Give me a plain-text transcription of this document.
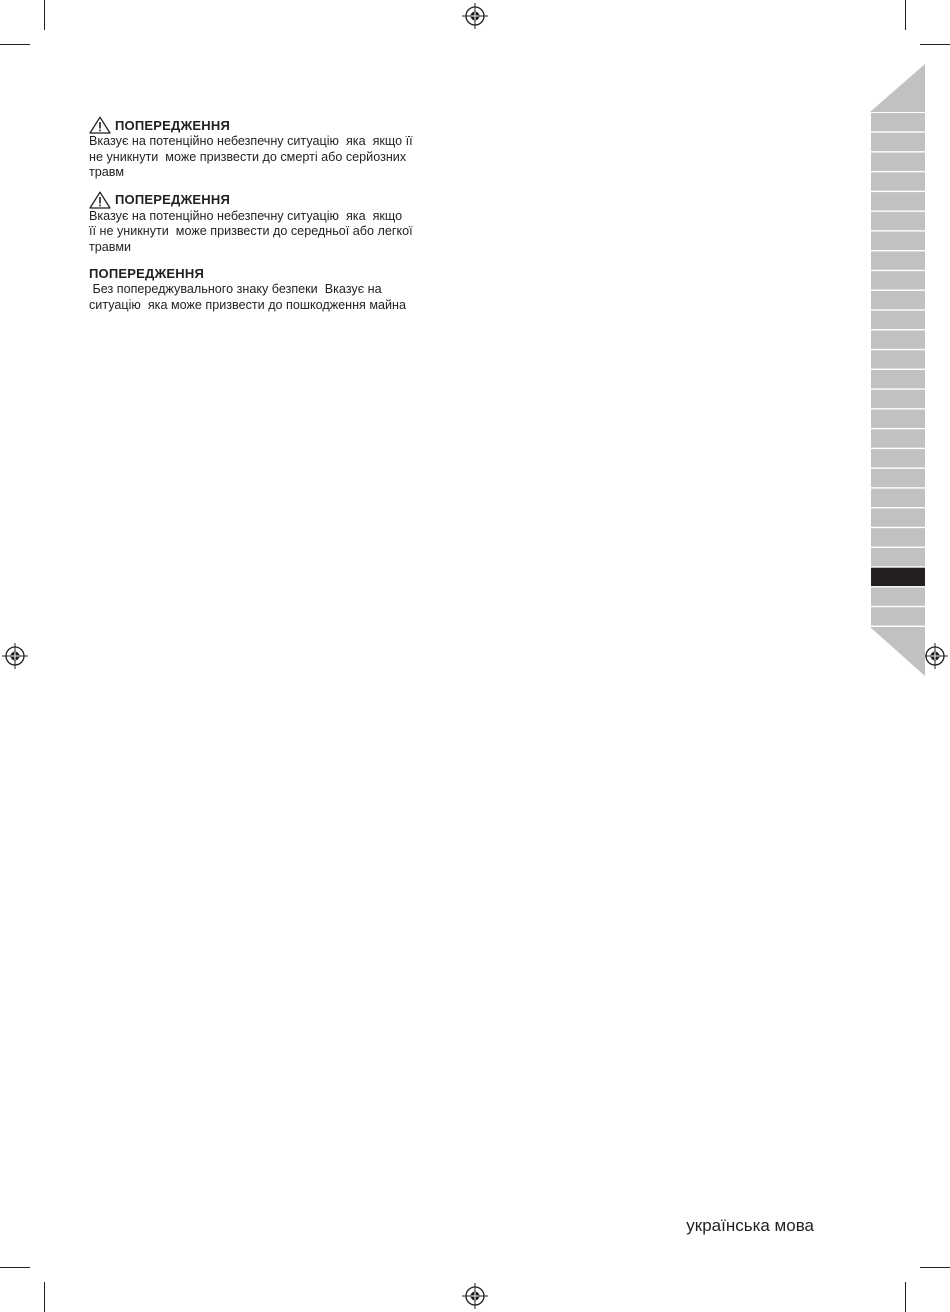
ПОПЕРЕДЖЕННЯ
Вказує на потенційно небезпечну ситуацію  яка  якщо її
не уникнути  може призвести до смерті або серйозних
травм
ПОПЕРЕДЖЕННЯ
Вказує на потенційно небезпечну ситуацію  яка  якщо
її не уникнути  може призвести до середньої або легкої
травми
ПОПЕРЕДЖЕННЯ
Без попереджувального знаку безпеки  Вказує на
ситуацію  яка може призвести до пошкодження майна
українська мова
